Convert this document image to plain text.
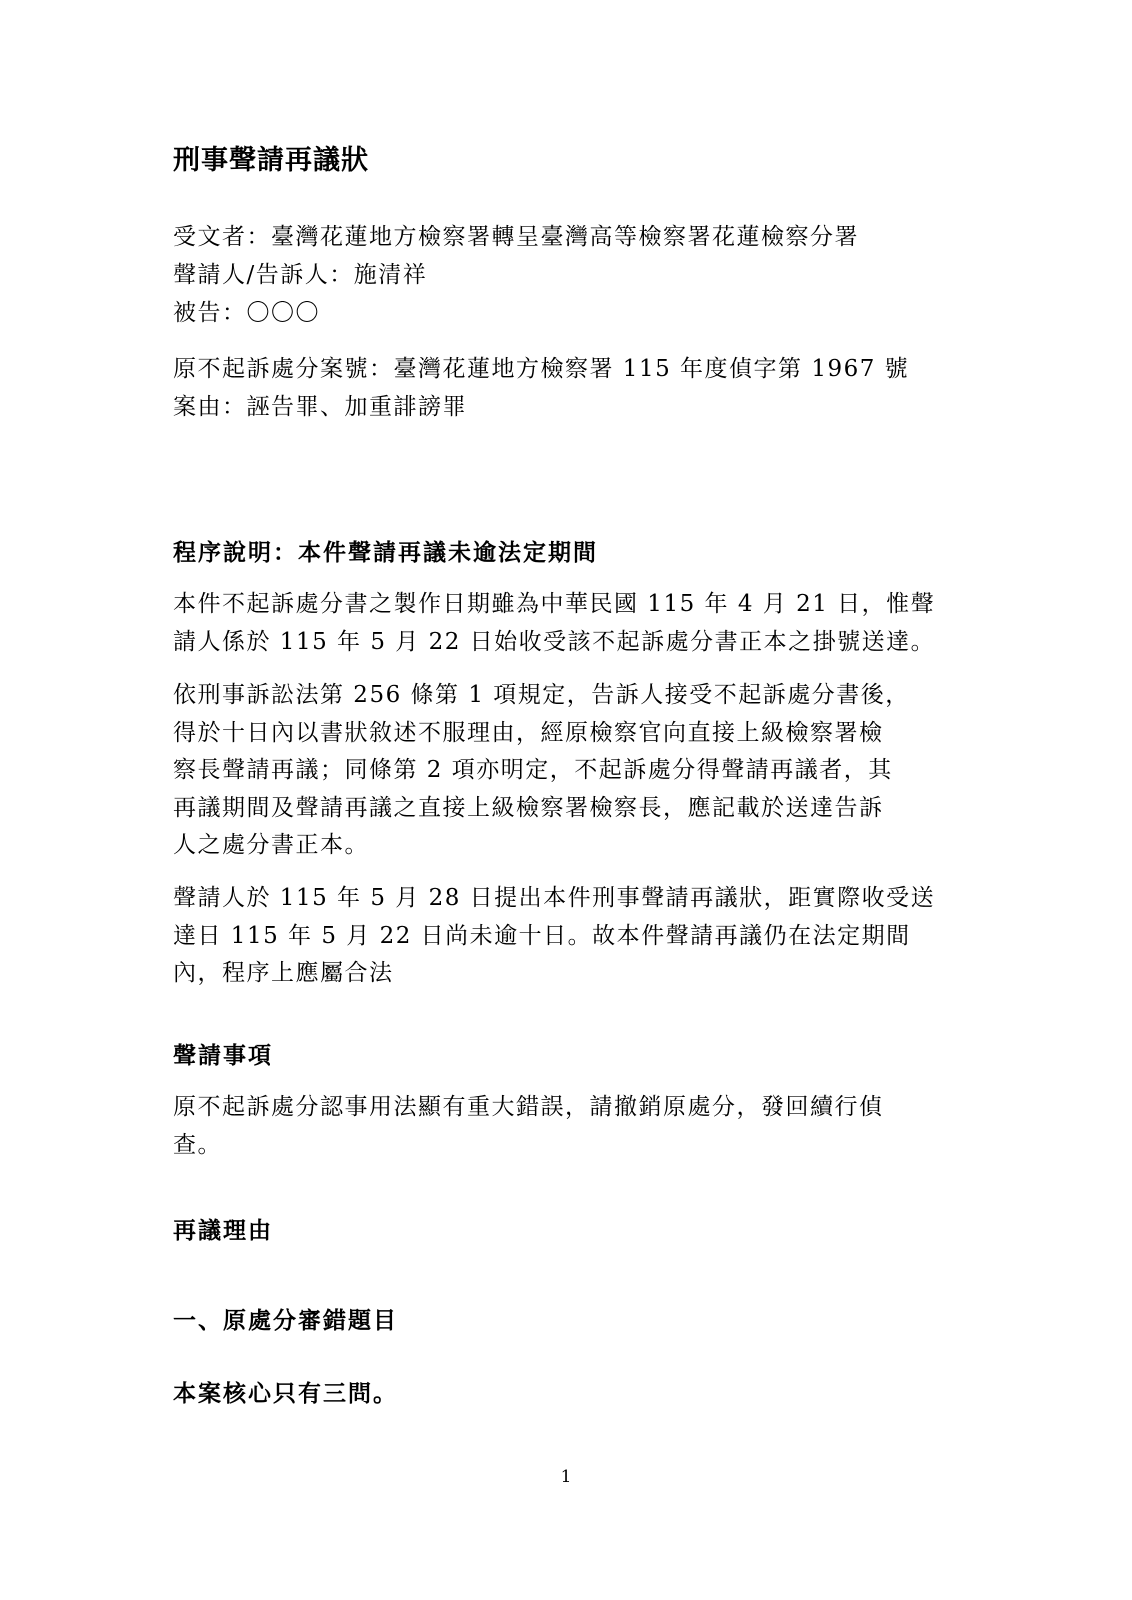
刑事聲請再議狀
受文者：臺灣花蓮地方檢察署轉呈臺灣高等檢察署花蓮檢察分署
聲請人/告訴人：施清祥
被告：〇〇〇
原不起訴處分案號：臺灣花蓮地方檢察署 115 年度偵字第 1967 號
案由：誣告罪、加重誹謗罪
程序說明：本件聲請再議未逾法定期間
本件不起訴處分書之製作日期雖為中華民國 115 年 4 月 21 日，惟聲
請人係於 115 年 5 月 22 日始收受該不起訴處分書正本之掛號送達。
依刑事訴訟法第 256 條第 1 項規定，告訴人接受不起訴處分書後，
得於十日內以書狀敘述不服理由，經原檢察官向直接上級檢察署檢
察長聲請再議；同條第 2 項亦明定，不起訴處分得聲請再議者，其
再議期間及聲請再議之直接上級檢察署檢察長，應記載於送達告訴
人之處分書正本。
聲請人於 115 年 5 月 28 日提出本件刑事聲請再議狀，距實際收受送
達日 115 年 5 月 22 日尚未逾十日。故本件聲請再議仍在法定期間
內，程序上應屬合法
聲請事項
原不起訴處分認事用法顯有重大錯誤，請撤銷原處分，發回續行偵
查。
再議理由
一、原處分審錯題目
本案核心只有三問。
1
